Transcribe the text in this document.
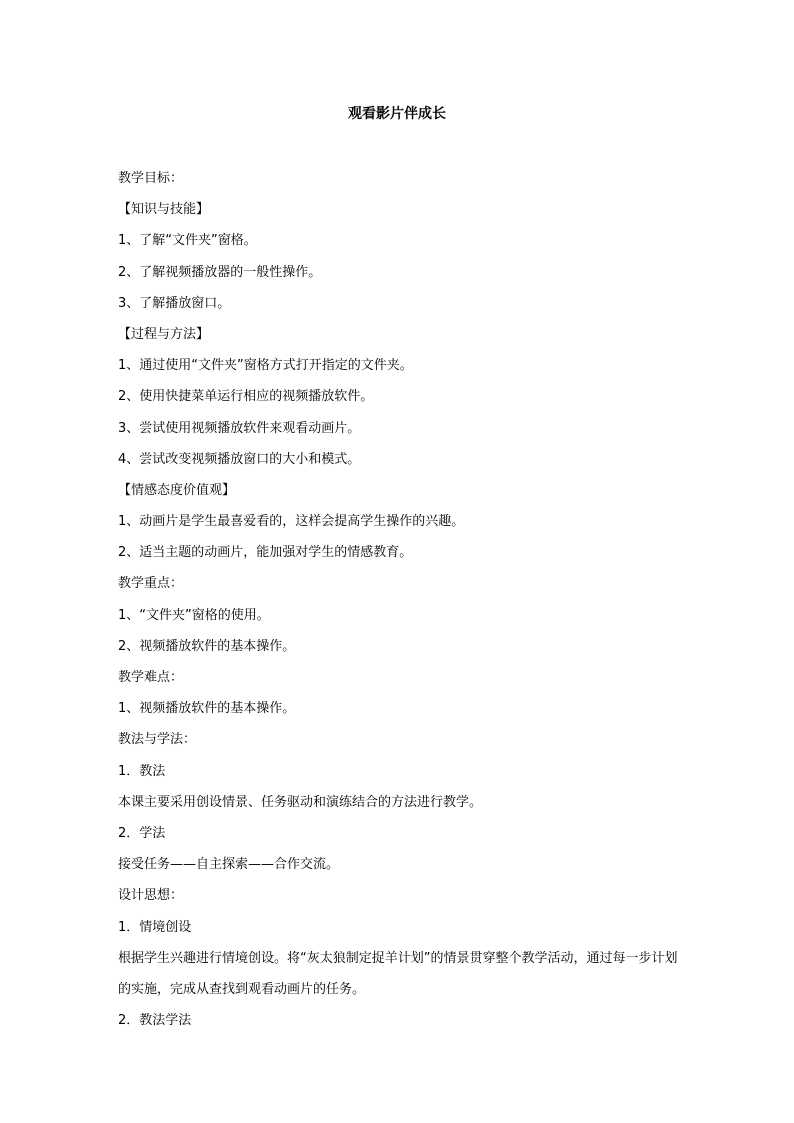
观看影片伴成长
教学目标：
【知识与技能】
1、了解“文件夹”窗格。
2、了解视频播放器的一般性操作。
3、了解播放窗口。
【过程与方法】
1、通过使用“文件夹”窗格方式打开指定的文件夹。
2、使用快捷菜单运行相应的视频播放软件。
3、尝试使用视频播放软件来观看动画片。
4、尝试改变视频播放窗口的大小和模式。
【情感态度价值观】
1、动画片是学生最喜爱看的，这样会提高学生操作的兴趣。
2、适当主题的动画片，能加强对学生的情感教育。
教学重点：
1、“文件夹”窗格的使用。
2、视频播放软件的基本操作。
教学难点：
1、视频播放软件的基本操作。
教法与学法：
1．教法
本课主要采用创设情景、任务驱动和演练结合的方法进行教学。
2．学法
接受任务——自主探索——合作交流。
设计思想：
1．情境创设
根据学生兴趣进行情境创设。将“灰太狼制定捉羊计划”的情景贯穿整个教学活动，通过每一步计划的实施，完成从查找到观看动画片的任务。
2．教法学法
